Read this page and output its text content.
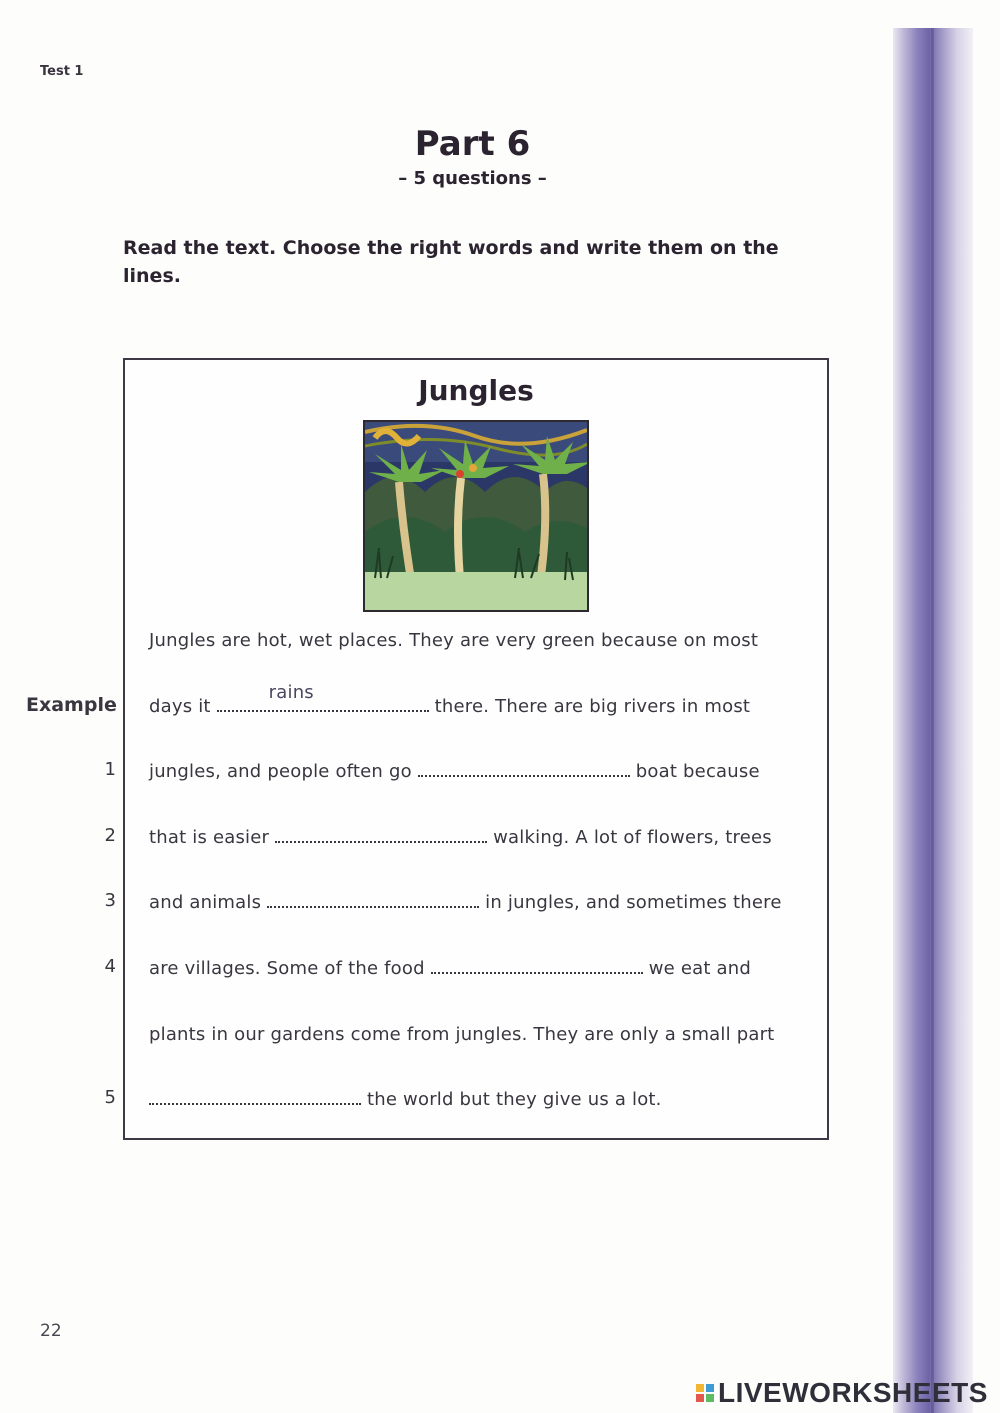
Test 1
Part 6
– 5 questions –
Read the text. Choose the right words and write them on the lines.
Jungles
Jungles are hot, wet places. They are very green because on most
days it
rains
there. There are big rivers in most
jungles, and people often go	boat because
that is easier	walking. A lot of flowers, trees
and animals	in jungles, and sometimes there
are villages. Some of the food	we eat and
plants in our gardens come from jungles. They are only a small part
the world but they give us a lot.
22
LIVEWORKSHEETS
Example
1
2
3
4
5
